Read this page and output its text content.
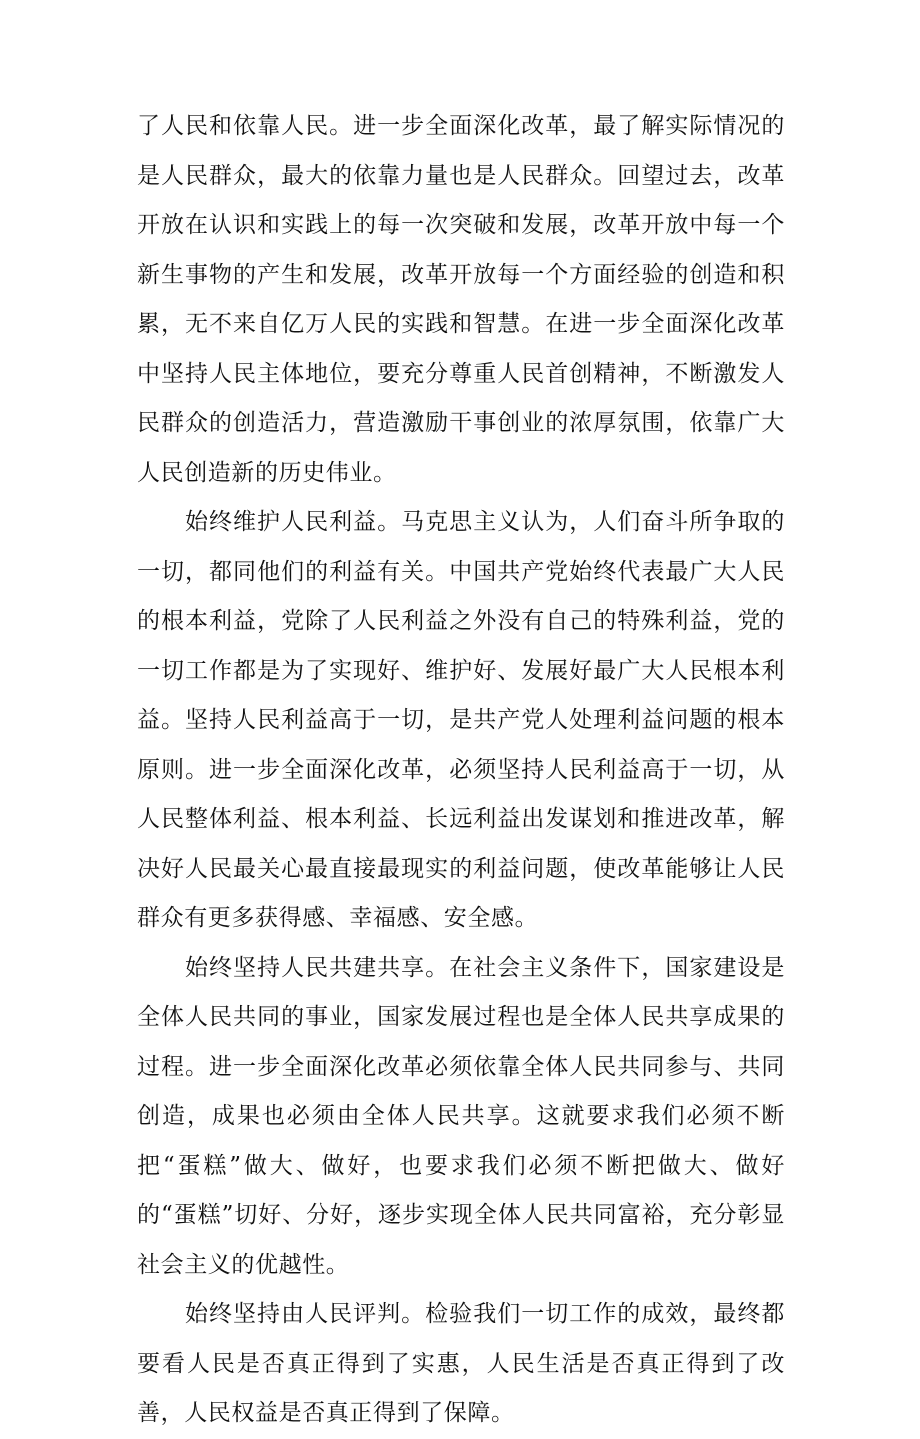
了人民和依靠人民。进一步全面深化改革，最了解实际情况的是人民群众，最大的依靠力量也是人民群众。回望过去，改革开放在认识和实践上的每一次突破和发展，改革开放中每一个新生事物的产生和发展，改革开放每一个方面经验的创造和积累，无不来自亿万人民的实践和智慧。在进一步全面深化改革中坚持人民主体地位，要充分尊重人民首创精神，不断激发人民群众的创造活力，营造激励干事创业的浓厚氛围，依靠广大人民创造新的历史伟业。

始终维护人民利益。马克思主义认为，人们奋斗所争取的一切，都同他们的利益有关。中国共产党始终代表最广大人民的根本利益，党除了人民利益之外没有自己的特殊利益，党的一切工作都是为了实现好、维护好、发展好最广大人民根本利益。坚持人民利益高于一切，是共产党人处理利益问题的根本原则。进一步全面深化改革，必须坚持人民利益高于一切，从人民整体利益、根本利益、长远利益出发谋划和推进改革，解决好人民最关心最直接最现实的利益问题，使改革能够让人民群众有更多获得感、幸福感、安全感。

始终坚持人民共建共享。在社会主义条件下，国家建设是全体人民共同的事业，国家发展过程也是全体人民共享成果的过程。进一步全面深化改革必须依靠全体人民共同参与、共同创造，成果也必须由全体人民共享。这就要求我们必须不断把“蛋糕”做大、做好，也要求我们必须不断把做大、做好的“蛋糕”切好、分好，逐步实现全体人民共同富裕，充分彰显社会主义的优越性。

始终坚持由人民评判。检验我们一切工作的成效，最终都要看人民是否真正得到了实惠，人民生活是否真正得到了改善，人民权益是否真正得到了保障。
